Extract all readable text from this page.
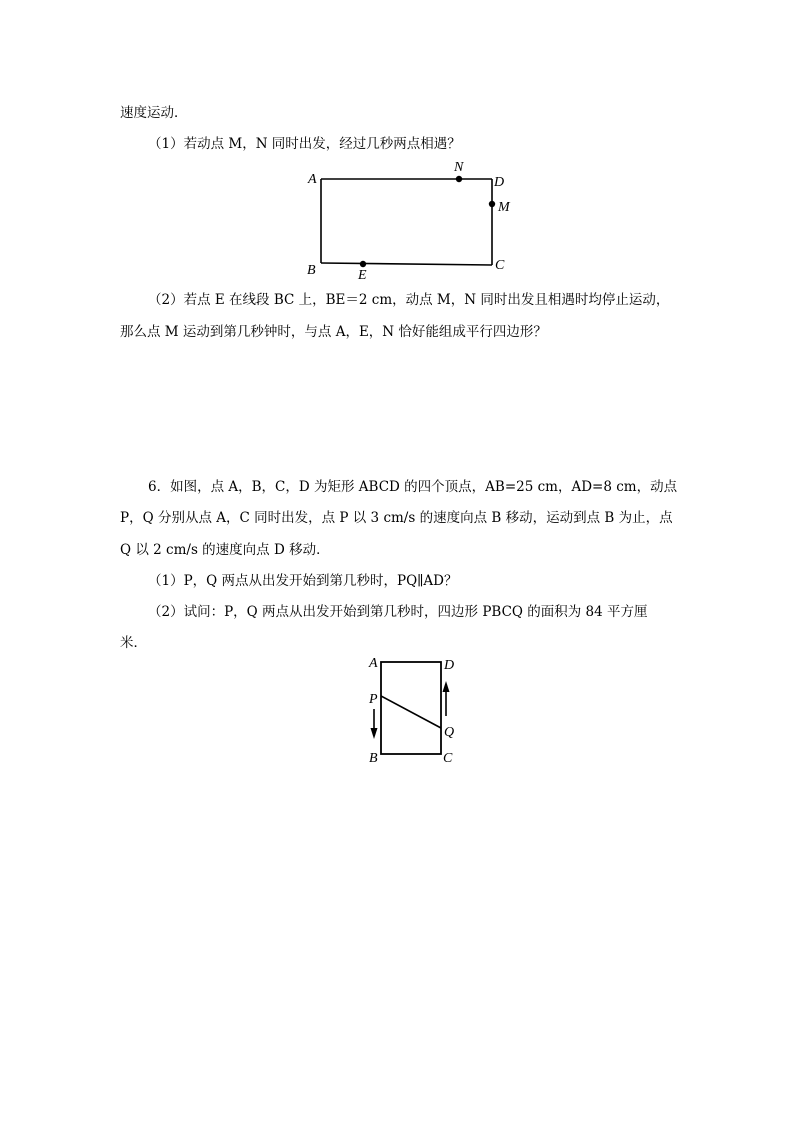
速度运动．
（1）若动点 M，N 同时出发，经过几秒两点相遇？
A
B	C
D
E
M
N
（2）若点 E 在线段 BC 上，BE＝2 cm，动点 M，N 同时出发且相遇时均停止运动，
那么点 M 运动到第几秒钟时，与点 A，E，N 恰好能组成平行四边形？
6．如图，点 A，B，C，D 为矩形 ABCD 的四个顶点，AB=25 cm，AD=8 cm，动点
P，Q 分别从点 A，C 同时出发，点 P 以 3 cm/s 的速度向点 B 移动，运动到点 B 为止，点
Q 以 2 cm/s 的速度向点 D 移动．
（1）P，Q 两点从出发开始到第几秒时，PQ∥AD？
（2）试问：P，Q 两点从出发开始到第几秒时，四边形 PBCQ 的面积为 84 平方厘
米．
A	D
P
Q
B	C
